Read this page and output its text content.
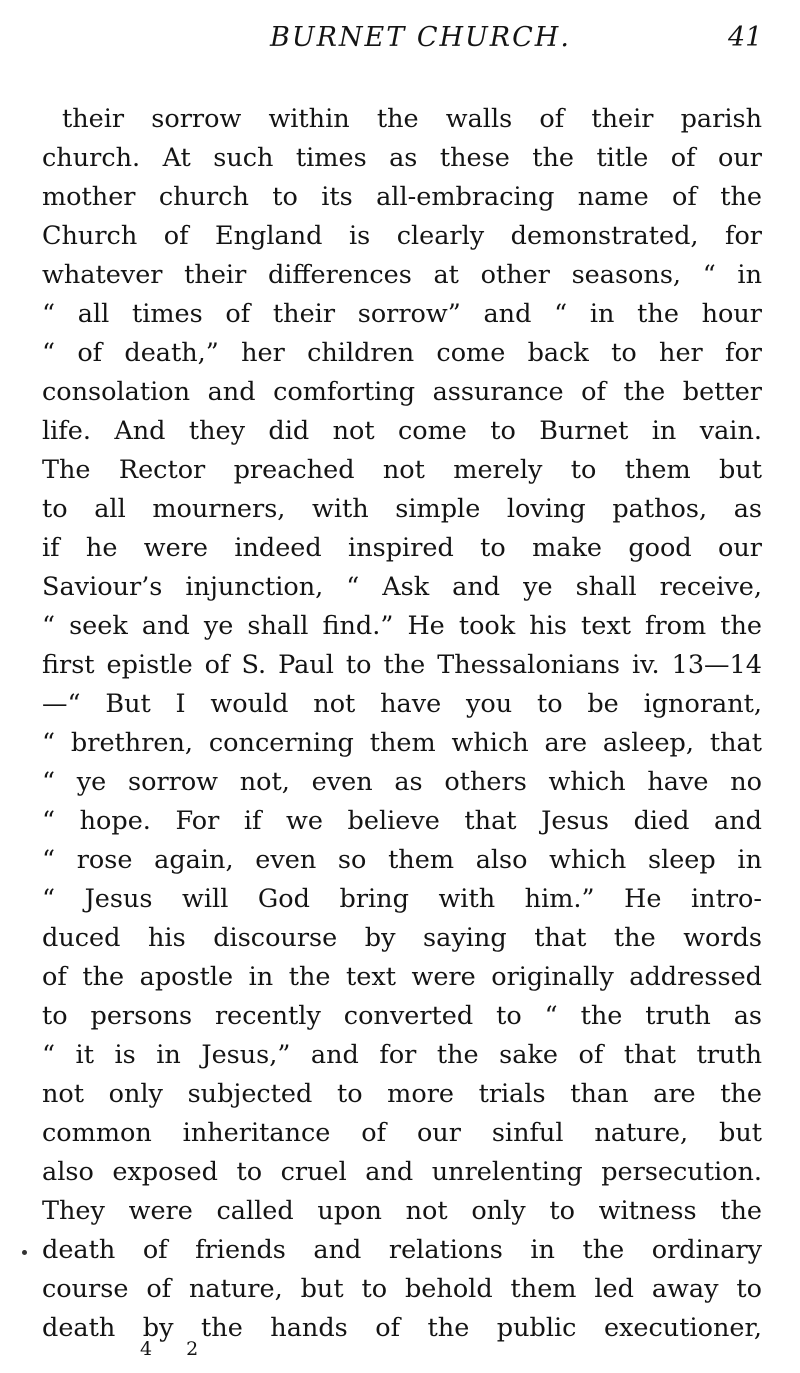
BURNET CHURCH.	41
their sorrow within the walls of their parish
church. At such times as these the title of our
mother church to its all-embracing name of the
Church of England is clearly demonstrated, for
whatever their differences at other seasons, “ in
“ all times of their sorrow” and “ in the hour
“ of death,” her children come back to her for
consolation and comforting assurance of the better
life. And they did not come to Burnet in vain.
The Rector preached not merely to them but
to all mourners, with simple loving pathos, as
if he were indeed inspired to make good our
Saviour’s injunction, “ Ask and ye shall receive,
“ seek and ye shall find.” He took his text from the
first epistle of S. Paul to the Thessalonians iv. 13—14
—“ But I would not have you to be ignorant,
“ brethren, concerning them which are asleep, that
“ ye sorrow not, even as others which have no
“ hope. For if we believe that Jesus died and
“ rose again, even so them also which sleep in
“ Jesus will God bring with him.” He intro-
duced his discourse by saying that the words
of the apostle in the text were originally addressed
to persons recently converted to “ the truth as
“ it is in Jesus,” and for the sake of that truth
not only subjected to more trials than are the
common inheritance of our sinful nature, but
also exposed to cruel and unrelenting persecution.
They were called upon not only to witness the
death of friends and relations in the ordinary
course of nature, but to behold them led away to
death by the hands of the public executioner,
4 2
